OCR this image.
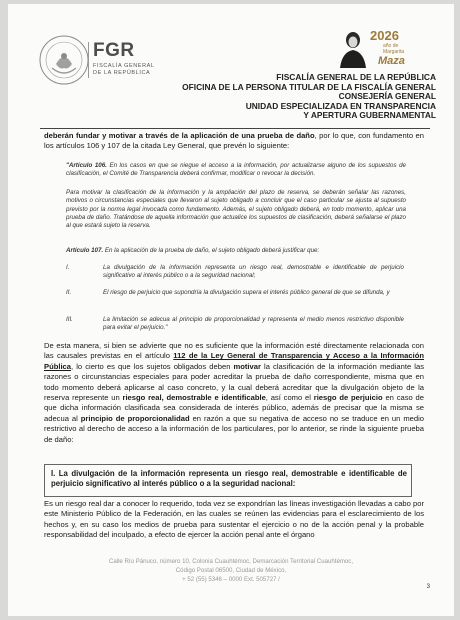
FGR
FISCALÍA GENERAL
DE LA REPÚBLICA
2026
año de
Margarita
Maza
FISCALÍA GENERAL DE LA REPÚBLICA
OFICINA DE LA PERSONA TITULAR DE LA FISCALÍA GENERAL
CONSEJERÍA GENERAL
UNIDAD ESPECIALIZADA EN TRANSPARENCIA
Y APERTURA GUBERNAMENTAL
deberán fundar y motivar a través de la aplicación de una prueba de daño, por lo que, con fundamento en los artículos 106 y 107 de la citada Ley General, que prevén lo siguiente:
"Artículo 106. En los casos en que se niegue el acceso a la información, por actualizarse alguno de los supuestos de clasificación, el Comité de Transparencia deberá confirmar, modificar o revocar la decisión.
Para motivar la clasificación de la información y la ampliación del plazo de reserva, se deberán señalar las razones, motivos o circunstancias especiales que llevaron al sujeto obligado a concluir que el caso particular se ajusta al supuesto previsto por la norma legal invocada como fundamento. Además, el sujeto obligado deberá, en todo momento, aplicar una prueba de daño. Tratándose de aquella información que actualice los supuestos de clasificación, deberá señalarse el plazo al que estará sujeto la reserva.
Artículo 107. En la aplicación de la prueba de daño, el sujeto obligado deberá justificar que:
I.	La divulgación de la información representa un riesgo real, demostrable e identificable de perjuicio significativo al interés público o a la seguridad nacional;
II.	El riesgo de perjuicio que supondría la divulgación supera el interés público general de que se difunda, y
III.	La limitación se adecua al principio de proporcionalidad y representa el medio menos restrictivo disponible para evitar el perjuicio."
De esta manera, si bien se advierte que no es suficiente que la información esté directamente relacionada con las causales previstas en el artículo 112 de la Ley General de Transparencia y Acceso a la Información Pública, lo cierto es que los sujetos obligados deben motivar la clasificación de la información mediante las razones o circunstancias especiales para poder acreditar la prueba de daño correspondiente, misma que en todo momento deberá aplicarse al caso concreto, y la cual deberá acreditar que la divulgación objeto de la reserva represente un riesgo real, demostrable e identificable, así como el riesgo de perjuicio en caso de que dicha información clasificada sea considerada de interés público, además de precisar que la misma se adecua al principio de proporcionalidad en razón a que su negativa de acceso no se traduce en un medio restrictivo al derecho de acceso a la información de los particulares, por lo anterior, se rinde la siguiente prueba de daño:
I. La divulgación de la información representa un riesgo real, demostrable e identificable de perjuicio significativo al interés público o a la seguridad nacional:
Es un riesgo real dar a conocer lo requerido, toda vez se expondrían las líneas investigación llevadas a cabo por este Ministerio Público de la Federación, en las cuales se reúnen las evidencias para el esclarecimiento de los hechos y, en su caso los medios de prueba para sustentar el ejercicio o no de la acción penal y la probable responsabilidad del inculpado, a efecto de ejercer la acción penal ante el órgano
Calle Río Pánuco, número 10, Colonia Cuauhtémoc, Demarcación Territorial Cuauhtémoc,
Código Postal 06500, Ciudad de México,
+ 52 (55) 5346 – 0000 Ext. 505727 /
3
